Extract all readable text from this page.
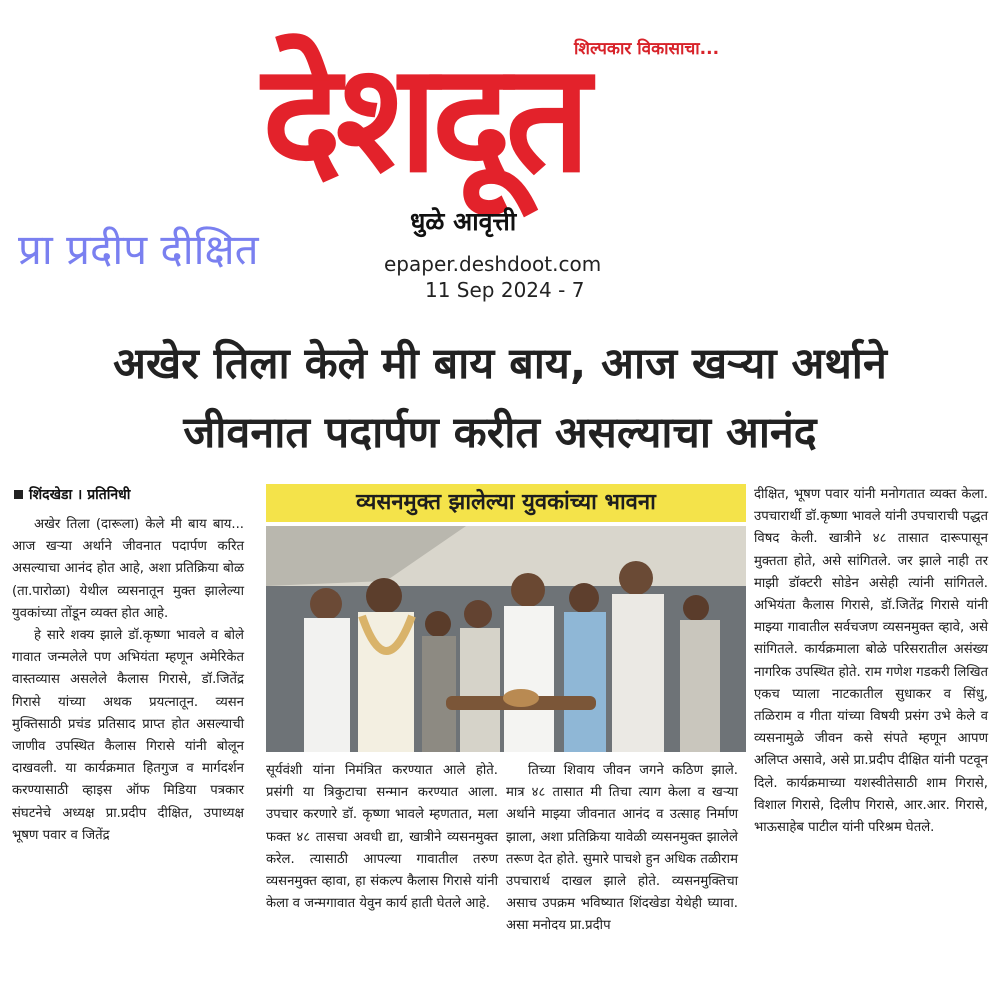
शिल्पकार विकासाचा...
देशदूत
धुळे आवृत्ती
प्रा प्रदीप दीक्षित	epaper.deshdoot.com
11 Sep 2024 - 7
अखेर तिला केले मी बाय बाय, आज खऱ्या अर्थाने
जीवनात पदार्पण करीत असल्याचा आनंद
शिंदखेडा । प्रतिनिधी

अखेर तिला (दारूला) केले मी बाय बाय... आज खऱ्या अर्थाने जीवनात पदार्पण करित असल्याचा आनंद होत आहे, अशा प्रतिक्रिया बोळ (ता.पारोळा) येथील व्यसनातून मुक्त झालेल्या युवकांच्या तोंडून व्यक्त होत आहे.

हे सारे शक्य झाले डॉ.कृष्णा भावले व बोले गावात जन्मलेले पण अभियंता म्हणून अमेरिकेत वास्तव्यास असलेले कैलास गिरासे, डॉ.जितेंद्र गिरासे यांच्या अथक प्रयत्नातून. व्यसन मुक्तिसाठी प्रचंड प्रतिसाद प्राप्त होत असल्याची जाणीव उपस्थित कैलास गिरासे यांनी बोलून दाखवली. या कार्यक्रमात हितगुज व मार्गदर्शन करण्यासाठी व्हाइस ऑफ मिडिया पत्रकार संघटनेचे अध्यक्ष प्रा.प्रदीप दीक्षित, उपाध्यक्ष भूषण पवार व जितेंद्र

व्यसनमुक्त झालेल्या युवकांच्या भावना

सूर्यवंशी यांना निमंत्रित करण्यात आले होते. प्रसंगी या त्रिकुटाचा सन्मान करण्यात आला. उपचार करणारे डॉ. कृष्णा भावले म्हणतात, मला फक्त ४८ तासचा अवधी द्या, खात्रीने व्यसनमुक्त करेल. त्यासाठी आपल्या गावातील तरुण व्यसनमुक्त व्हावा, हा संकल्प कैलास गिरासे यांनी केला व जन्मगावात येवुन कार्य हाती घेतले आहे.

तिच्या शिवाय जीवन जगने कठिण झाले. मात्र ४८ तासात मी तिचा त्याग केला व खऱ्या अर्थाने माझ्या जीवनात आनंद व उत्साह निर्माण झाला, अशा प्रतिक्रिया यावेळी व्यसनमुक्त झालेले तरूण देत होते. सुमारे पाचशे हुन अधिक तळीराम उपचारार्थ दाखल झाले होते. व्यसनमुक्तिचा असाच उपक्रम भविष्यात शिंदखेडा येथेही घ्यावा. असा मनोदय प्रा.प्रदीप

दीक्षित, भूषण पवार यांनी मनोगतात व्यक्त केला. उपचारार्थी डॉ.कृष्णा भावले यांनी उपचाराची पद्धत विषद केली. खात्रीने ४८ तासात दारूपासून मुक्तता होते, असे सांगितले. जर झाले नाही तर माझी डॉक्टरी सोडेन असेही त्यांनी सांगितले. अभियंता कैलास गिरासे, डॉ.जितेंद्र गिरासे यांनी माझ्या गावातील सर्वचजण व्यसनमुक्त व्हावे, असे सांगितले. कार्यक्रमाला बोळे परिसरातील असंख्य नागरिक उपस्थित होते. राम गणेश गडकरी लिखित एकच प्याला नाटकातील सुधाकर व सिंधु, तळिराम व गीता यांच्या विषयी प्रसंग उभे केले व व्यसनामुळे जीवन कसे संपते म्हणून आपण अलिप्त असावे, असे प्रा.प्रदीप दीक्षित यांनी पटवून दिले. कार्यक्रमाच्या यशस्वीतेसाठी शाम गिरासे, विशाल गिरासे, दिलीप गिरासे, आर.आर. गिरासे, भाऊसाहेब पाटील यांनी परिश्रम घेतले.
